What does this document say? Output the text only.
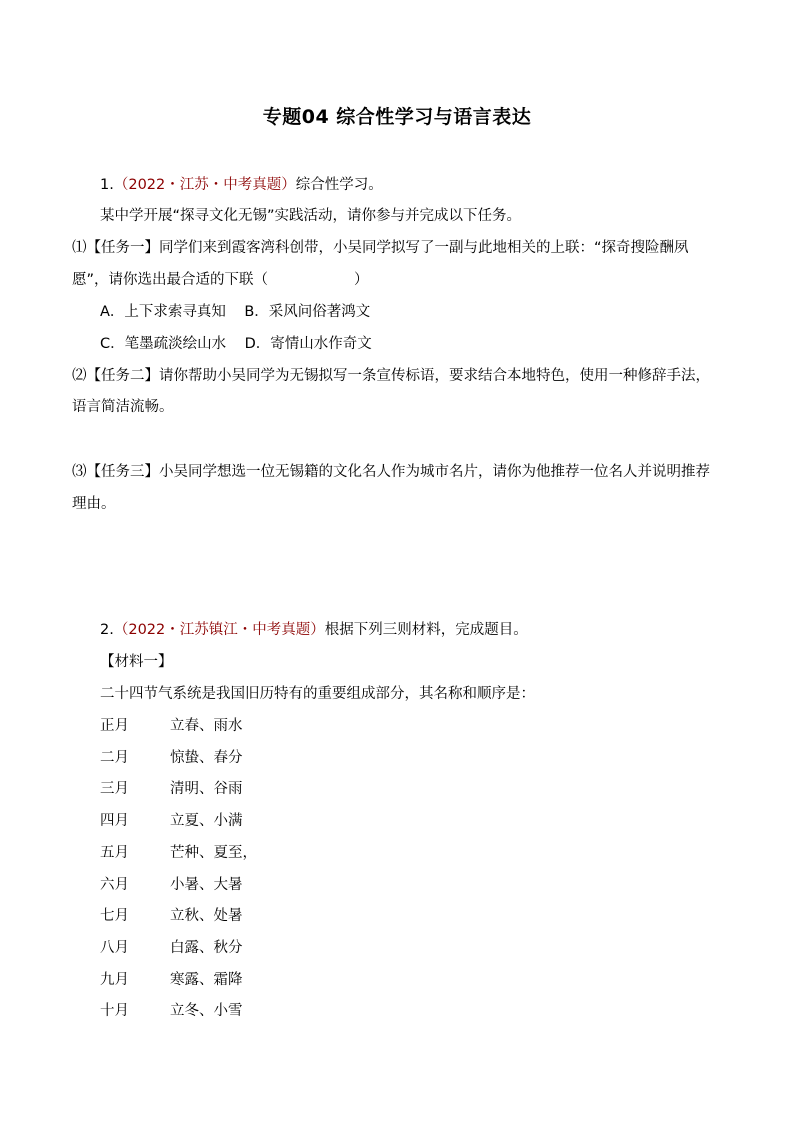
专题04 综合性学习与语言表达
1.（2022・江苏・中考真题）综合性学习。
某中学开展“探寻文化无锡”实践活动，请你参与并完成以下任务。
⑴【任务一】同学们来到霞客湾科创带，小吴同学拟写了一副与此地相关的上联：“探奇搜险酬夙
愿”，请你选出最合适的下联（	）
A．上下求索寻真知 B．采风问俗著鸿文
C．笔墨疏淡绘山水 D．寄情山水作奇文
⑵【任务二】请你帮助小吴同学为无锡拟写一条宣传标语，要求结合本地特色，使用一种修辞手法，
语言简洁流畅。
⑶【任务三】小吴同学想选一位无锡籍的文化名人作为城市名片，请你为他推荐一位名人并说明推荐
理由。
2.（2022・江苏镇江・中考真题）根据下列三则材料，完成题目。
【材料一】
二十四节气系统是我国旧历特有的重要组成部分，其名称和顺序是：
正月	立春、雨水
二月	惊蛰、春分
三月	清明、谷雨
四月	立夏、小满
五月	芒种、夏至，
六月	小暑、大暑
七月	立秋、处暑
八月	白露、秋分
九月	寒露、霜降
十月	立冬、小雪
